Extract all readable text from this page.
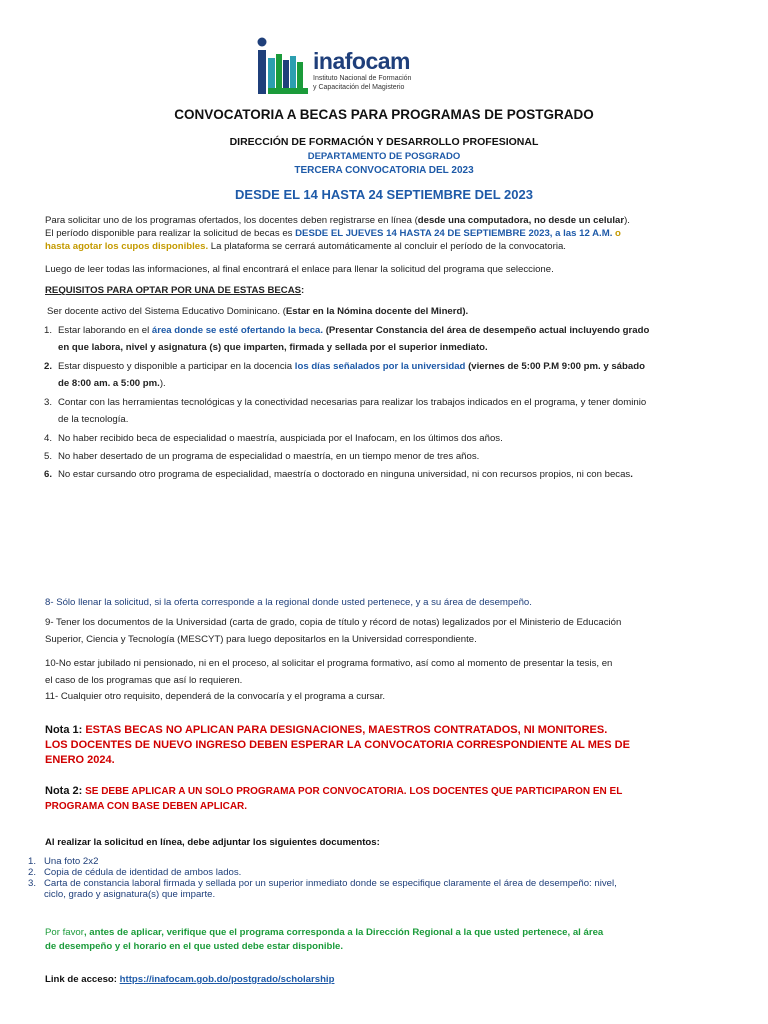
inafocam
Instituto Nacional de Formación
y Capacitación del Magisterio
CONVOCATORIA A BECAS PARA PROGRAMAS DE POSTGRADO
DIRECCIÓN DE FORMACIÓN Y DESARROLLO PROFESIONAL
DEPARTAMENTO DE POSGRADO
TERCERA CONVOCATORIA DEL 2023
DESDE EL 14 HASTA 24 SEPTIEMBRE DEL 2023
Para solicitar uno de los programas ofertados, los docentes deben registrarse en línea (desde una computadora, no desde un celular).
El período disponible para realizar la solicitud de becas es DESDE EL JUEVES 14 HASTA 24 DE SEPTIEMBRE 2023, a las 12 A.M. o
hasta agotar los cupos disponibles. La plataforma se cerrará automáticamente al concluir el período de la convocatoria.
Luego de leer todas las informaciones, al final encontrará el enlace para llenar la solicitud del programa que seleccione.
REQUISITOS PARA OPTAR POR UNA DE ESTAS BECAS:
Ser docente activo del Sistema Educativo Dominicano. (Estar en la Nómina docente del Minerd).
1. Estar laborando en el área donde se esté ofertando la beca. (Presentar Constancia del área de desempeño actual incluyendo grado en que labora, nivel y asignatura (s) que imparten, firmada y sellada por el superior inmediato.
2. Estar dispuesto y disponible a participar en la docencia los días señalados por la universidad (viernes de 5:00 P.M 9:00 pm. y sábado de 8:00 am. a 5:00 pm.).
3. Contar con las herramientas tecnológicas y la conectividad necesarias para realizar los trabajos indicados en el programa, y tener dominio de la tecnología.
4. No haber recibido beca de especialidad o maestría, auspiciada por el Inafocam, en los últimos dos años.
5. No haber desertado de un programa de especialidad o maestría, en un tiempo menor de tres años.
6. No estar cursando otro programa de especialidad, maestría o doctorado en ninguna universidad, ni con recursos propios, ni con becas.
8- Sólo llenar la solicitud, si la oferta corresponde a la regional donde usted pertenece, y a su área de desempeño.
9- Tener los documentos de la Universidad (carta de grado, copia de título y récord de notas) legalizados por el Ministerio de Educación
Superior, Ciencia y Tecnología (MESCYT) para luego depositarlos en la Universidad correspondiente.
10-No estar jubilado ni pensionado, ni en el proceso, al solicitar el programa formativo, así como al momento de presentar la tesis, en
el caso de los programas que así lo requieren.
11- Cualquier otro requisito, dependerá de la convocaría y el programa a cursar.
Nota 1: ESTAS BECAS NO APLICAN PARA DESIGNACIONES, MAESTROS CONTRATADOS, NI MONITORES.
LOS DOCENTES DE NUEVO INGRESO DEBEN ESPERAR LA CONVOCATORIA CORRESPONDIENTE AL MES DE
ENERO 2024.
Nota 2: SE DEBE APLICAR A UN SOLO PROGRAMA POR CONVOCATORIA. LOS DOCENTES QUE PARTICIPARON EN EL
PROGRAMA CON BASE DEBEN APLICAR.
Al realizar la solicitud en línea, debe adjuntar los siguientes documentos:
1. Una foto 2x2
2. Copia de cédula de identidad de ambos lados.
3. Carta de constancia laboral firmada y sellada por un superior inmediato donde se especifique claramente el área de desempeño: nivel,
ciclo, grado y asignatura(s) que imparte.
Por favor, antes de aplicar, verifique que el programa corresponda a la Dirección Regional a la que usted pertenece, al área
de desempeño y el horario en el que usted debe estar disponible.
Link de acceso: https://inafocam.gob.do/postgrado/scholarship
